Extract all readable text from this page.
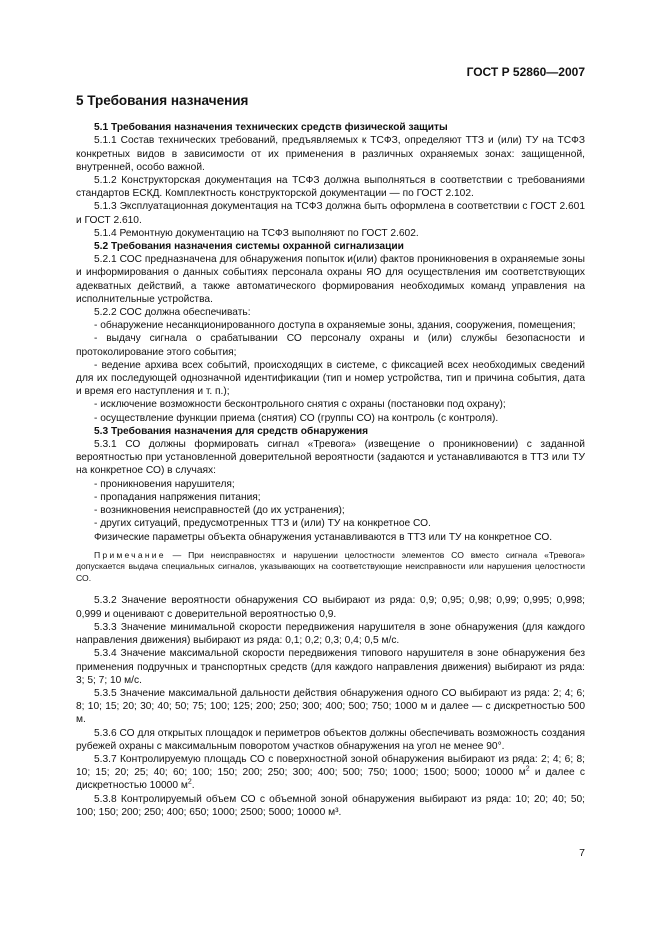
ГОСТ Р 52860—2007
5 Требования назначения

5.1 Требования назначения технических средств физической защиты

5.1.1 Состав технических требований, предъявляемых к ТСФЗ, определяют ТТЗ и (или) ТУ на ТСФЗ конкретных видов в зависимости от их применения в различных охраняемых зонах: защищенной, внутренней, особо важной.

5.1.2 Конструкторская документация на ТСФЗ должна выполняться в соответствии с требованиями стандартов ЕСКД. Комплектность конструкторской документации — по ГОСТ 2.102.

5.1.3 Эксплуатационная документация на ТСФЗ должна быть оформлена в соответствии с ГОСТ 2.601 и ГОСТ 2.610.

5.1.4 Ремонтную документацию на ТСФЗ выполняют по ГОСТ 2.602.

5.2 Требования назначения системы охранной сигнализации

5.2.1 СОС предназначена для обнаружения попыток и(или) фактов проникновения в охраняемые зоны и информирования о данных событиях персонала охраны ЯО для осуществления им соответствующих адекватных действий, а также автоматического формирования необходимых команд управления на исполнительные устройства.

5.2.2 СОС должна обеспечивать:

- обнаружение несанкционированного доступа в охраняемые зоны, здания, сооружения, помещения;

- выдачу сигнала о срабатывании СО персоналу охраны и (или) службы безопасности и протоколирование этого события;

- ведение архива всех событий, происходящих в системе, с фиксацией всех необходимых сведений для их последующей однозначной идентификации (тип и номер устройства, тип и причина события, дата и время его наступления и т. п.);

- исключение возможности бесконтрольного снятия с охраны (постановки под охрану);

- осуществление функции приема (снятия) СО (группы СО) на контроль (с контроля).

5.3 Требования назначения для средств обнаружения

5.3.1 СО должны формировать сигнал «Тревога» (извещение о проникновении) с заданной вероятностью при установленной доверительной вероятности (задаются и устанавливаются в ТТЗ или ТУ на конкретное СО) в случаях:

- проникновения нарушителя;

- пропадания напряжения питания;

- возникновения неисправностей (до их устранения);

- других ситуаций, предусмотренных ТТЗ и (или) ТУ на конкретное СО.

Физические параметры объекта обнаружения устанавливаются в ТТЗ или ТУ на конкретное СО.

Примечание — При неисправностях и нарушении целостности элементов СО вместо сигнала «Тревога» допускается выдача специальных сигналов, указывающих на соответствующие неисправности или нарушения целостности СО.

5.3.2 Значение вероятности обнаружения СО выбирают из ряда: 0,9; 0,95; 0,98; 0,99; 0,995; 0,998; 0,999 и оценивают с доверительной вероятностью 0,9.

5.3.3 Значение минимальной скорости передвижения нарушителя в зоне обнаружения (для каждого направления движения) выбирают из ряда: 0,1; 0,2; 0,3; 0,4; 0,5 м/с.

5.3.4 Значение максимальной скорости передвижения типового нарушителя в зоне обнаружения без применения подручных и транспортных средств (для каждого направления движения) выбирают из ряда: 3; 5; 7; 10 м/с.

5.3.5 Значение максимальной дальности действия обнаружения одного СО выбирают из ряда: 2; 4; 6; 8; 10; 15; 20; 30; 40; 50; 75; 100; 125; 200; 250; 300; 400; 500; 750; 1000 м и далее — с дискретностью 500 м.

5.3.6 СО для открытых площадок и периметров объектов должны обеспечивать возможность создания рубежей охраны с максимальным поворотом участков обнаружения на угол не менее 90°.

5.3.7 Контролируемую площадь СО с поверхностной зоной обнаружения выбирают из ряда: 2; 4; 6; 8; 10; 15; 20; 25; 40; 60; 100; 150; 200; 250; 300; 400; 500; 750; 1000; 1500; 5000; 10000 $м^2$ и далее с дискретностью 10000 $м^2$.

5.3.8 Контролируемый объем СО с объемной зоной обнаружения выбирают из ряда: 10; 20; 40; 50; 100; 150; 200; 250; 400; 650; 1000; 2500; 5000; 10000 м³.

7
